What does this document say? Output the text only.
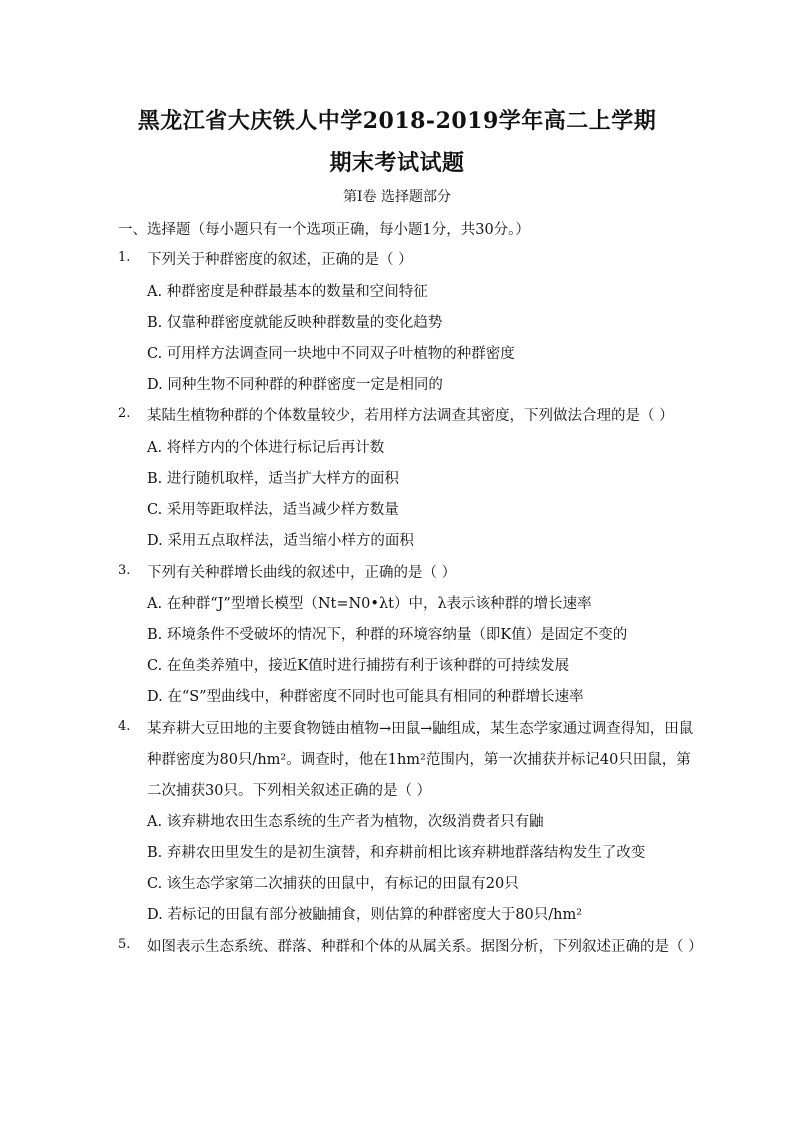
黑龙江省大庆铁人中学2018-2019学年高二上学期
期末考试试题
第Ⅰ卷 选择题部分
一、选择题（每小题只有一个选项正确，每小题1分，共30分。）
1. 下列关于种群密度的叙述，正确的是（ ）
A. 种群密度是种群最基本的数量和空间特征
B. 仅靠种群密度就能反映种群数量的变化趋势
C. 可用样方法调查同一块地中不同双子叶植物的种群密度
D. 同种生物不同种群的种群密度一定是相同的
2. 某陆生植物种群的个体数量较少，若用样方法调查其密度，下列做法合理的是（ ）
A. 将样方内的个体进行标记后再计数
B. 进行随机取样，适当扩大样方的面积
C. 采用等距取样法，适当减少样方数量
D. 采用五点取样法，适当缩小样方的面积
3. 下列有关种群增长曲线的叙述中，正确的是（ ）
A. 在种群“J”型增长模型（Nt=N0•λt）中，λ表示该种群的增长速率
B. 环境条件不受破坏的情况下，种群的环境容纳量（即K值）是固定不变的
C. 在鱼类养殖中，接近K值时进行捕捞有利于该种群的可持续发展
D. 在“S”型曲线中，种群密度不同时也可能具有相同的种群增长速率
4. 某弃耕大豆田地的主要食物链由植物→田鼠→鼬组成，某生态学家通过调查得知，田鼠
种群密度为80只/hm²。调查时，他在1hm²范围内，第一次捕获并标记40只田鼠，第
二次捕获30只。下列相关叙述正确的是（ ）
A. 该弃耕地农田生态系统的生产者为植物，次级消费者只有鼬
B. 弃耕农田里发生的是初生演替，和弃耕前相比该弃耕地群落结构发生了改变
C. 该生态学家第二次捕获的田鼠中，有标记的田鼠有20只
D. 若标记的田鼠有部分被鼬捕食，则估算的种群密度大于80只/hm²
5. 如图表示生态系统、群落、种群和个体的从属关系。据图分析，下列叙述正确的是（ ）
